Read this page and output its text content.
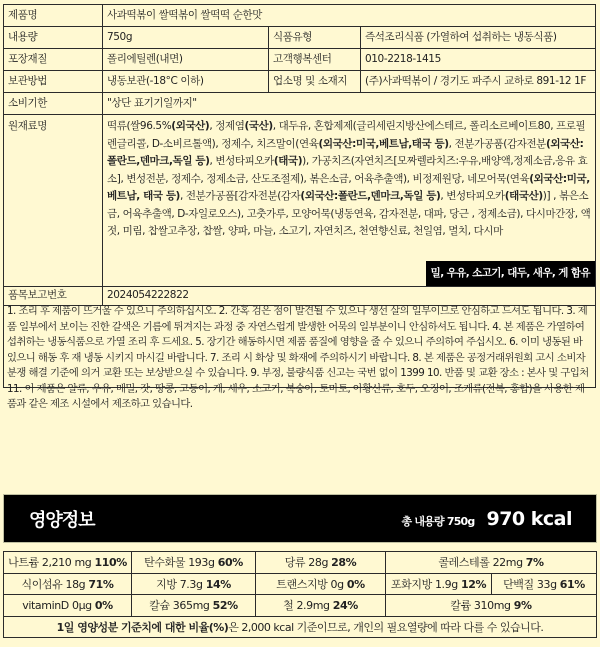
제품명	사과떡볶이 쌀떡볶이 쌀떡떡 순한맛		
내용량	750g	식품유형	즉석조리식품 (가열하여 섭취하는 냉동식품)
포장재질	폴리에틸렌(내면)	고객행복센터	010-2218-1415
보관방법	냉동보관(-18°C 이하)	업소명 및 소재지	(주)사과떡볶이 / 경기도 파주시 교하로 891-12 1F
소비기한	"상단 표기기일까지"		
원재료명	떡류(쌀96.5%(외국산), 정제염(국산), 대두유, 혼합제제(글리세린지방산에스테르, 폴리소르베이트80, 프로필렌글리콜, D-소비르톨액), 정제수, 치즈말이(연육(외국산:미국,베트남,태국 등), 전분가공품(감자전분(외국산:폴란드,덴마크,독일 등), 변성타피오카(태국)), 가공치즈(자연치즈[모짜렐라치즈:우유,배양액,정제소금,응유 효소], 변성전분, 정제수, 정제소금, 산도조절제), 볶은소금, 어육추출액), 비정제원당, 네모어묵(연육(외국산:미국, 베트남, 태국 등), 전분가공품[감자전분(감자(외국산:폴란드,덴마크,독일 등), 변성타피오카(태국산))] , 볶은소금, 어육추출액, D-자일로오스), 고춧가루, 모양어묵(냉동연육, 감자전분, 대파, 당근 , 정제소금), 다시마간장, 액젓, 미림, 찹쌀고추장, 찹쌀, 양파, 마늘, 소고기, 자연치즈, 천연향신료, 천일염, 멸치, 다시마
밀, 우유, 소고기, 대두, 새우, 게 함유		

품목보고번호	2024054222822		
1. 조리 후 제품이 뜨거울 수 있으니 주의하십시오. 2. 간혹 검은 점이 발견될 수 있으나 생선 살의 일부이므로 안심하고 드셔도 됩니다. 3. 제품 일부에서 보이는 진한 갈색은 기름에 튀겨지는 과정 중 자연스럽게 발생한 어묵의 일부분이니 안심하셔도 됩니다. 4. 본 제품은 가열하여 섭취하는 냉동식품으로 가열 조리 후 드세요. 5. 장기간 해동하시면 제품 품질에 영향을 줄 수 있으니 주의하여 주십시오. 6. 이미 냉동된 바 있으니 해동 후 재 냉동 시키지 마시길 바랍니다. 7. 조리 시 화상 및 화재에 주의하시기 바랍니다. 8. 본 제품은 공정거래위원회 고시 소비자 분쟁 해결 기준에 의거 교환 또는 보상받으실 수 있습니다. 9. 부정, 불량식품 신고는 국번 없이 1399 10. 반품 및 교환 장소 : 본사 및 구입처 11. 이 제품은 알류, 우유, 메밀, 잣, 땅콩, 고등어, 게, 새우, 소고기, 복숭아, 토마토, 아황산류, 호두, 오징어, 조개류(전복, 홍합)을 사용한 제품과 같은 제조 시설에서 제조하고 있습니다.
영양정보	총 내용량 750g 970 kcal
나트륨 2,210 mg 110%	탄수화물 193g 60%	당류 28g 28%	콜레스테롤 22mg 7%	
식이섬유 18g 71%	지방 7.3g 14%	트랜스지방 0g 0%	포화지방 1.9g 12%	단백질 33g 61%
vitaminD 0μg 0%	칼슘 365mg 52%	철 2.9mg 24%	칼륨 310mg 9%	
1일 영양성분 기준치에 대한 비율(%)은 2,000 kcal 기준이므로, 개인의 필요열량에 따라 다를 수 있습니다.				
